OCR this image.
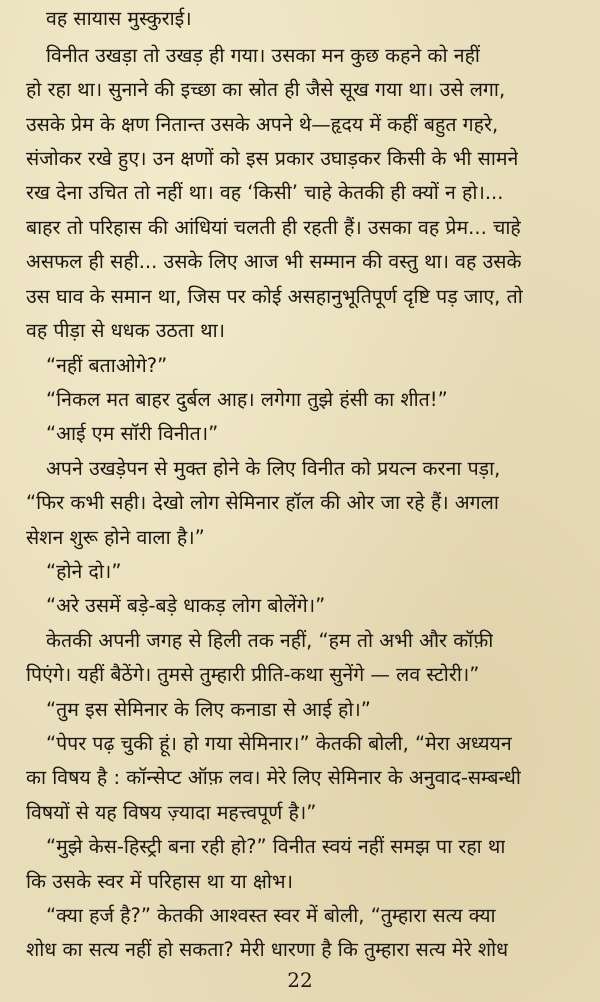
वह सायास मुस्कुराई।
विनीत उखड़ा तो उखड़ ही गया। उसका मन कुछ कहने को नहीं
हो रहा था। सुनाने की इच्छा का स्रोत ही जैसे सूख गया था। उसे लगा,
उसके प्रेम के क्षण नितान्त उसके अपने थे—हृदय में कहीं बहुत गहरे,
संजोकर रखे हुए। उन क्षणों को इस प्रकार उघाड़कर किसी के भी सामने
रख देना उचित तो नहीं था। वह ‘किसी’ चाहे केतकी ही क्यों न हो।...
बाहर तो परिहास की आंधियां चलती ही रहती हैं। उसका वह प्रेम... चाहे
असफल ही सही... उसके लिए आज भी सम्मान की वस्तु था। वह उसके
उस घाव के समान था, जिस पर कोई असहानुभूतिपूर्ण दृष्टि पड़ जाए, तो
वह पीड़ा से धधक उठता था।
“नहीं बताओगे?”
“निकल मत बाहर दुर्बल आह। लगेगा तुझे हंसी का शीत!”
“आई एम सॉरी विनीत।”
अपने उखड़ेपन से मुक्त होने के लिए विनीत को प्रयत्न करना पड़ा,
“फिर कभी सही। देखो लोग सेमिनार हॉल की ओर जा रहे हैं। अगला
सेशन शुरू होने वाला है।”
“होने दो।”
“अरे उसमें बड़े-बड़े धाकड़ लोग बोलेंगे।”
केतकी अपनी जगह से हिली तक नहीं, “हम तो अभी और कॉफ़ी
पिएंगे। यहीं बैठेंगे। तुमसे तुम्हारी प्रीति-कथा सुनेंगे — लव स्टोरी।”
“तुम इस सेमिनार के लिए कनाडा से आई हो।”
“पेपर पढ़ चुकी हूं। हो गया सेमिनार।” केतकी बोली, “मेरा अध्ययन
का विषय है : कॉन्सेप्ट ऑफ़ लव। मेरे लिए सेमिनार के अनुवाद-सम्बन्धी
विषयों से यह विषय ज़्यादा महत्त्वपूर्ण है।”
“मुझे केस-हिस्ट्री बना रही हो?” विनीत स्वयं नहीं समझ पा रहा था
कि उसके स्वर में परिहास था या क्षोभ।
“क्या हर्ज है?” केतकी आश्वस्त स्वर में बोली, “तुम्हारा सत्य क्या
शोध का सत्य नहीं हो सकता? मेरी धारणा है कि तुम्हारा सत्य मेरे शोध
22
